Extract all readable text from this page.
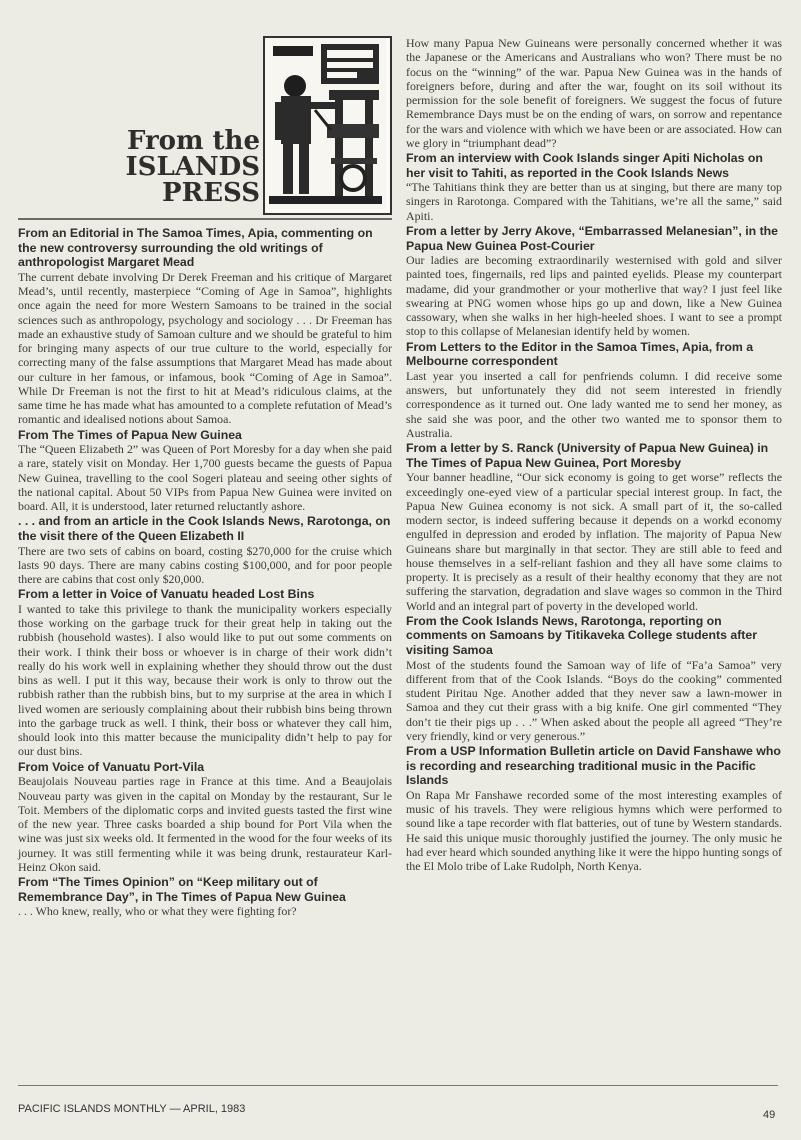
From the
ISLANDS
PRESS
From an Editorial in The Samoa Times, Apia, commenting on the new controversy surrounding the old writings of anthropologist Margaret Mead

The current debate involving Dr Derek Freeman and his critique of Margaret Mead’s, until recently, masterpiece “Coming of Age in Samoa”, highlights once again the need for more Western Samoans to be trained in the social sciences such as anthropology, psychology and sociology . . . Dr Freeman has made an exhaustive study of Samoan culture and we should be grateful to him for bringing many aspects of our true culture to the world, especially for correcting many of the false assumptions that Margaret Mead has made about our culture in her famous, or infamous, book “Coming of Age in Samoa”. While Dr Freeman is not the first to hit at Mead’s ridiculous claims, at the same time he has made what has amounted to a complete refutation of Mead’s romantic and idealised notions about Samoa.

From The Times of Papua New Guinea

The “Queen Elizabeth 2” was Queen of Port Moresby for a day when she paid a rare, stately visit on Monday. Her 1,700 guests became the guests of Papua New Guinea, travelling to the cool Sogeri plateau and seeing other sights of the national capital. About 50 VIPs from Papua New Guinea were invited on board. All, it is understood, later returned reluctantly ashore.

. . . and from an article in the Cook Islands News, Rarotonga, on the visit there of the Queen Elizabeth II

There are two sets of cabins on board, costing $270,000 for the cruise which lasts 90 days. There are many cabins costing $100,000, and for poor people there are cabins that cost only $20,000.

From a letter in Voice of Vanuatu headed Lost Bins

I wanted to take this privilege to thank the municipality workers especially those working on the garbage truck for their great help in taking out the rubbish (household wastes). I also would like to put out some comments on their work. I think their boss or whoever is in charge of their work didn’t really do his work well in explaining whether they should throw out the dust bins as well. I put it this way, because their work is only to throw out the rubbish rather than the rubbish bins, but to my surprise at the area in which I lived women are seriously complaining about their rubbish bins being thrown into the garbage truck as well. I think, their boss or whatever they call him, should look into this matter because the municipality didn’t help to pay for our dust bins.

From Voice of Vanuatu Port-Vila

Beaujolais Nouveau parties rage in France at this time. And a Beaujolais Nouveau party was given in the capital on Monday by the restaurant, Sur le Toit. Members of the diplomatic corps and invited guests tasted the first wine of the new year. Three casks boarded a ship bound for Port Vila when the wine was just six weeks old. It fermented in the wood for the four weeks of its journey. It was still fermenting while it was being drunk, restaurateur Karl-Heinz Okon said.

From “The Times Opinion” on “Keep military out of Remembrance Day”, in The Times of Papua New Guinea

. . . Who knew, really, who or what they were fighting for?

How many Papua New Guineans were personally concerned whether it was the Japanese or the Americans and Australians who won? There must be no focus on the “winning” of the war. Papua New Guinea was in the hands of foreigners before, during and after the war, fought on its soil without its permission for the sole benefit of foreigners. We suggest the focus of future Remembrance Days must be on the ending of wars, on sorrow and repentance for the wars and violence with which we have been or are associated. How can we glory in “triumphant dead”?

From an interview with Cook Islands singer Apiti Nicholas on her visit to Tahiti, as reported in the Cook Islands News

“The Tahitians think they are better than us at singing, but there are many top singers in Rarotonga. Compared with the Tahitians, we’re all the same,” said Apiti.

From a letter by Jerry Akove, “Embarrassed Melanesian”, in the Papua New Guinea Post-Courier

Our ladies are becoming extraordinarily westernised with gold and silver painted toes, fingernails, red lips and painted eyelids. Please my counterpart madame, did your grandmother or your motherlive that way? I just feel like swearing at PNG women whose hips go up and down, like a New Guinea cassowary, when she walks in her high-heeled shoes. I want to see a prompt stop to this collapse of Melanesian identify held by women.

From Letters to the Editor in the Samoa Times, Apia, from a Melbourne correspondent

Last year you inserted a call for penfriends column. I did receive some answers, but unfortunately they did not seem interested in friendly correspondence as it turned out. One lady wanted me to send her money, as she said she was poor, and the other two wanted me to sponsor them to Australia.

From a letter by S. Ranck (University of Papua New Guinea) in The Times of Papua New Guinea, Port Moresby

Your banner headline, “Our sick economy is going to get worse” reflects the exceedingly one-eyed view of a particular special interest group. In fact, the Papua New Guinea economy is not sick. A small part of it, the so-called modern sector, is indeed suffering because it depends on a workd economy engulfed in depression and eroded by inflation. The majority of Papua New Guineans share but marginally in that sector. They are still able to feed and house themselves in a self-reliant fashion and they all have some claims to property. It is precisely as a result of their healthy economy that they are not suffering the starvation, degradation and slave wages so common in the Third World and an integral part of poverty in the developed world.

From the Cook Islands News, Rarotonga, reporting on comments on Samoans by Titikaveka College students after visiting Samoa

Most of the students found the Samoan way of life of “Fa’a Samoa” very different from that of the Cook Islands. “Boys do the cooking” commented student Piritau Nge. Another added that they never saw a lawn-mower in Samoa and they cut their grass with a big knife. One girl commented “They don’t tie their pigs up . . .” When asked about the people all agreed “They’re very friendly, kind or very generous.”

From a USP Information Bulletin article on David Fanshawe who is recording and researching traditional music in the Pacific Islands

On Rapa Mr Fanshawe recorded some of the most interesting examples of music of his travels. They were religious hymns which were performed to sound like a tape recorder with flat batteries, out of tune by Western standards. He said this unique music thoroughly justified the journey. The only music he had ever heard which sounded anything like it were the hippo hunting songs of the El Molo tribe of Lake Rudolph, North Kenya.

PACIFIC ISLANDS MONTHLY — APRIL, 1983	49
